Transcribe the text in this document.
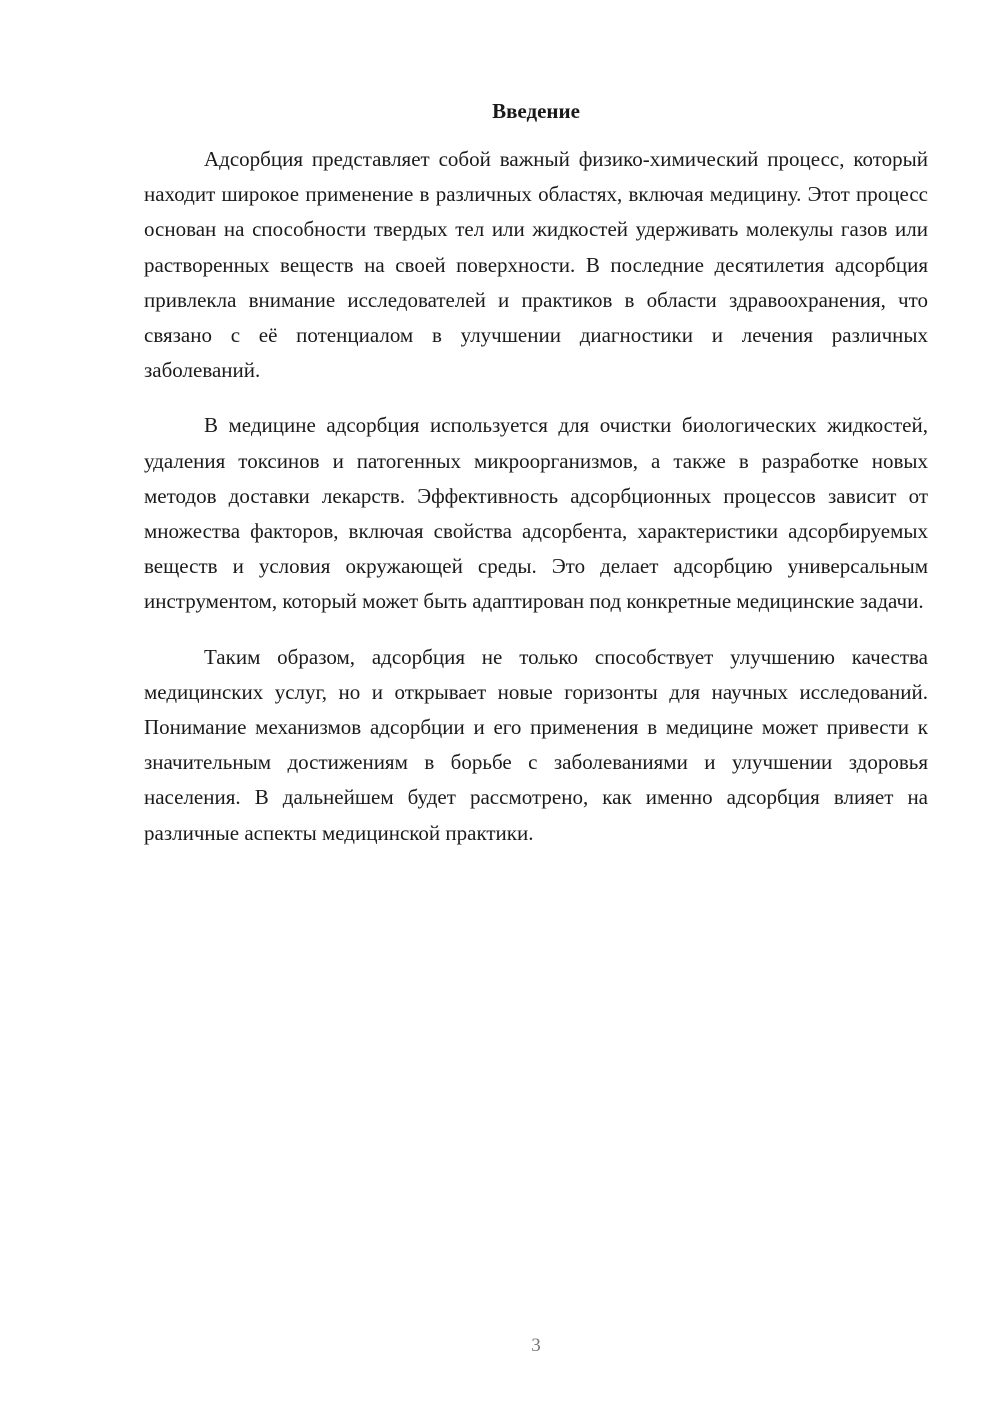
Введение

Адсорбция представляет собой важный физико-химический процесс, который находит широкое применение в различных областях, включая медицину. Этот процесс основан на способности твердых тел или жидкостей удерживать молекулы газов или растворенных веществ на своей поверхности. В последние десятилетия адсорбция привлекла внимание исследователей и практиков в области здравоохранения, что связано с её потенциалом в улучшении диагностики и лечения различных заболеваний.

В медицине адсорбция используется для очистки биологических жидкостей, удаления токсинов и патогенных микроорганизмов, а также в разработке новых методов доставки лекарств. Эффективность адсорбционных процессов зависит от множества факторов, включая свойства адсорбента, характеристики адсорбируемых веществ и условия окружающей среды. Это делает адсорбцию универсальным инструментом, который может быть адаптирован под конкретные медицинские задачи.

Таким образом, адсорбция не только способствует улучшению качества медицинских услуг, но и открывает новые горизонты для научных исследований. Понимание механизмов адсорбции и его применения в медицине может привести к значительным достижениям в борьбе с заболеваниями и улучшении здоровья населения. В дальнейшем будет рассмотрено, как именно адсорбция влияет на различные аспекты медицинской практики.

3
